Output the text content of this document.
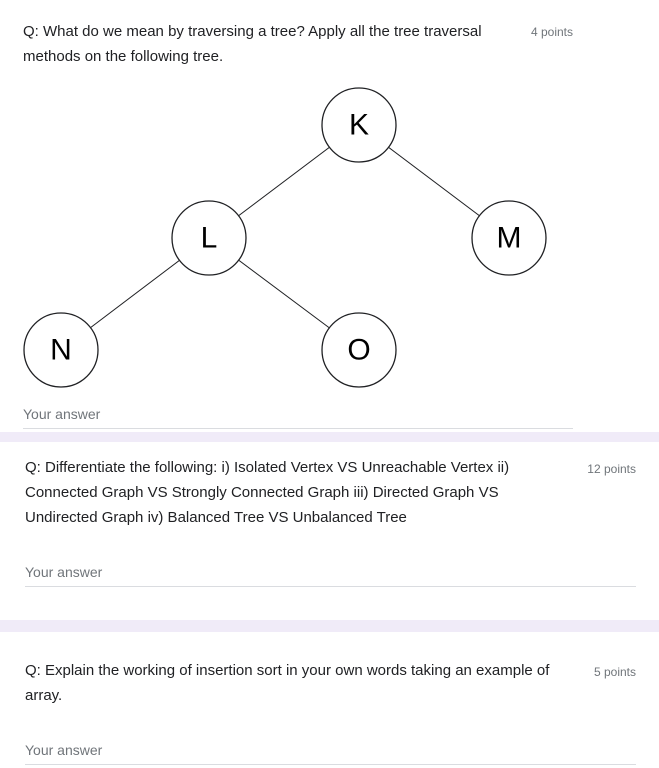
Q: What do we mean by traversing a tree? Apply all the tree traversal methods on the following tree.
4 points
K
L	M
N	O
Your answer
Q: Differentiate the following: i) Isolated Vertex VS Unreachable Vertex ii) Connected Graph VS Strongly Connected Graph iii) Directed Graph VS Undirected Graph iv) Balanced Tree VS Unbalanced Tree
12 points
Your answer
Q: Explain the working of insertion sort in your own words taking an example of array.
5 points
Your answer
